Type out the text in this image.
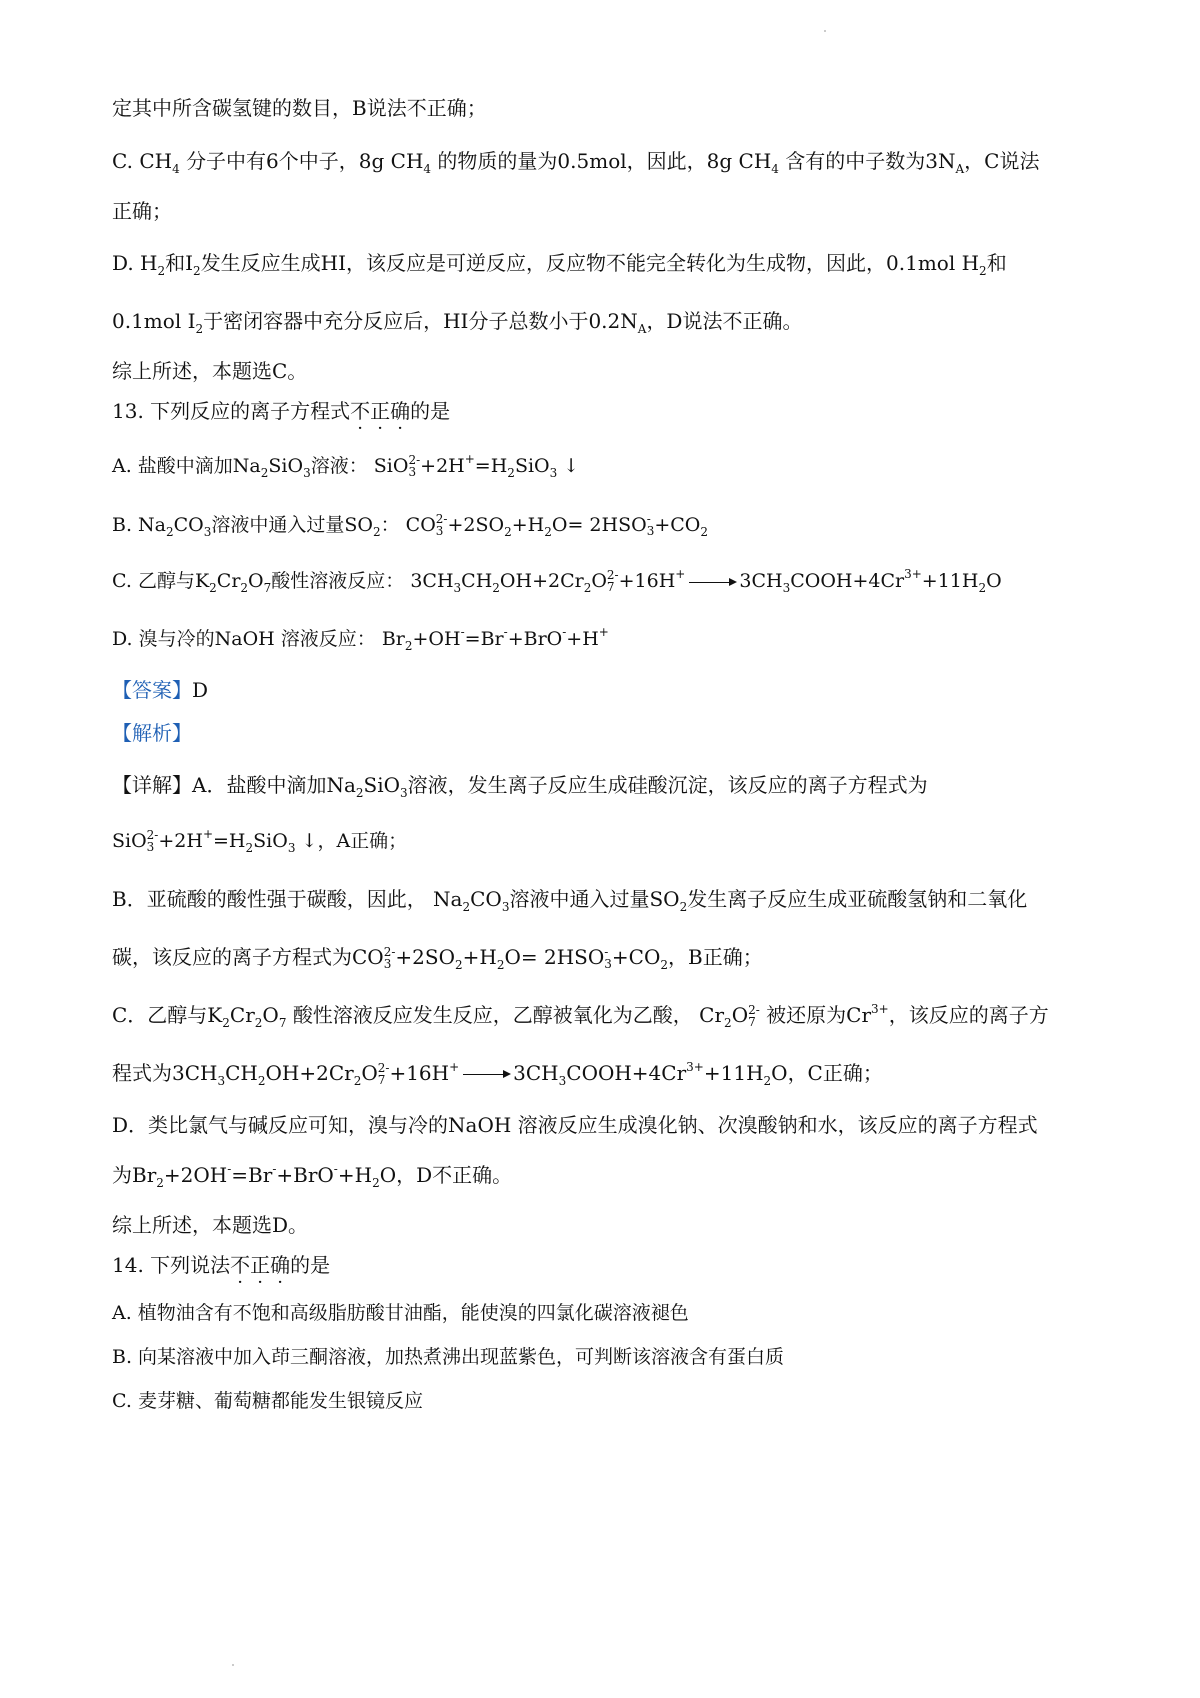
定其中所含碳氢键的数目，B说法不正确；
C. $CH_4$ 分子中有6个中子，8g $CH_4$ 的物质的量为0.5mol，因此，8g $CH_4$ 含有的中子数为$3N_A$，C说法
正确；
D. $H_2$和$I_2$发生反应生成HI，该反应是可逆反应，反应物不能完全转化为生成物，因此，0.1mol $H_2$和
0.1mol $I_2$于密闭容器中充分反应后，HI分子总数小于$0.2N_A$，D说法不正确。
综上所述，本题选C。
13. 下列反应的离子方程式不正确的是
A. 盐酸中滴加$Na_2SiO_3$溶液： SiO 2-
$3 +2H^+=H_2SiO_3$ ↓
B. $Na_2CO_3$溶液中通入过量$SO_2$： CO 2-
$3 +2SO_2+H_2O= 2HSO$ -
$3 +CO_2$
C. 乙醇与$K_2Cr_2O_7$酸性溶液反应： $3CH_3CH_2OH+2Cr_2O$ 2-
$7 +16H^+ \to 3CH_3COOH+4Cr^{3+}+11H_2O$
D. 溴与冷的NaOH 溶液反应： $Br_2+OH^-=Br^-+BrO^-+H^+$
【答案】D
【解析】
【详解】A．盐酸中滴加$Na_2SiO_3$溶液，发生离子反应生成硅酸沉淀，该反应的离子方程式为
SiO 2-
$3 +2H^+=H_2SiO_3$ ↓，A正确；
B．亚硫酸的酸性强于碳酸，因此， $Na_2CO_3$溶液中通入过量$SO_2$发生离子反应生成亚硫酸氢钠和二氧化
碳，该反应的离子方程式为CO 2-
$3 +2SO_2+H_2O= 2HSO$ -
$3 +CO_2$，B正确；
C．乙醇与$K_2Cr_2O_7$ 酸性溶液反应发生反应，乙醇被氧化为乙酸， $Cr_2O$ 2-
7 被还原为$Cr^{3+}$，该反应的离子方
程式为$3CH_3CH_2OH+2Cr_2O$ 2-
$7 +16H^+ \to 3CH_3COOH+4Cr^{3+}+11H_2O$，C正确；
D．类比氯气与碱反应可知，溴与冷的NaOH 溶液反应生成溴化钠、次溴酸钠和水，该反应的离子方程式
为$Br_2+2OH^-=Br^-+BrO^-+H_2O$，D不正确。
综上所述，本题选D。
14. 下列说法不正确的是
A. 植物油含有不饱和高级脂肪酸甘油酯，能使溴的四氯化碳溶液褪色
B. 向某溶液中加入茚三酮溶液，加热煮沸出现蓝紫色，可判断该溶液含有蛋白质
C. 麦芽糖、葡萄糖都能发生银镜反应
